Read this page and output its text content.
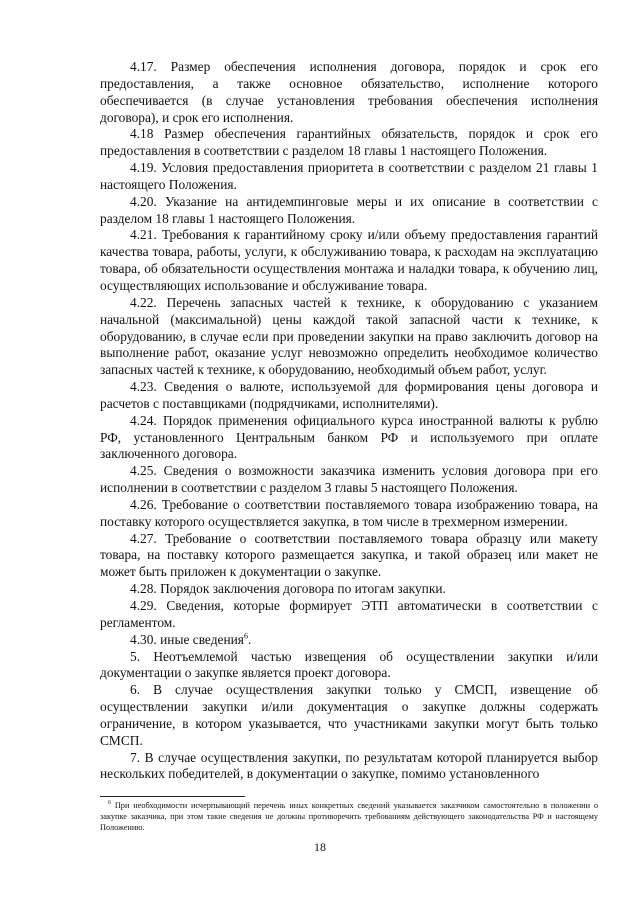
4.17. Размер обеспечения исполнения договора, порядок и срок его предоставления, а также основное обязательство, исполнение которого обеспечивается (в случае установления требования обеспечения исполнения договора), и срок его исполнения.

4.18 Размер обеспечения гарантийных обязательств, порядок и срок его предоставления в соответствии с разделом 18 главы 1 настоящего Положения.

4.19. Условия предоставления приоритета в соответствии с разделом 21 главы 1 настоящего Положения.

4.20. Указание на антидемпинговые меры и их описание в соответствии с разделом 18 главы 1 настоящего Положения.

4.21. Требования к гарантийному сроку и/или объему предоставления гарантий качества товара, работы, услуги, к обслуживанию товара, к расходам на эксплуатацию товара, об обязательности осуществления монтажа и наладки товара, к обучению лиц, осуществляющих использование и обслуживание товара.

4.22. Перечень запасных частей к технике, к оборудованию с указанием начальной (максимальной) цены каждой такой запасной части к технике, к оборудованию, в случае если при проведении закупки на право заключить договор на выполнение работ, оказание услуг невозможно определить необходимое количество запасных частей к технике, к оборудованию, необходимый объем работ, услуг.

4.23. Сведения о валюте, используемой для формирования цены договора и расчетов с поставщиками (подрядчиками, исполнителями).

4.24. Порядок применения официального курса иностранной валюты к рублю РФ, установленного Центральным банком РФ и используемого при оплате заключенного договора.

4.25. Сведения о возможности заказчика изменить условия договора при его исполнении в соответствии с разделом 3 главы 5 настоящего Положения.

4.26. Требование о соответствии поставляемого товара изображению товара, на поставку которого осуществляется закупка, в том числе в трехмерном измерении.

4.27. Требование о соответствии поставляемого товара образцу или макету товара, на поставку которого размещается закупка, и такой образец или макет не может быть приложен к документации о закупке.

4.28. Порядок заключения договора по итогам закупки.

4.29. Сведения, которые формирует ЭТП автоматически в соответствии с регламентом.

4.30. иные сведения$^6$.

5. Неотъемлемой частью извещения об осуществлении закупки и/или документации о закупке является проект договора.

6. В случае осуществления закупки только у СМСП, извещение об осуществлении закупки и/или документация о закупке должны содержать ограничение, в котором указывается, что участниками закупки могут быть только СМСП.

7. В случае осуществления закупки, по результатам которой планируется выбор нескольких победителей, в документации о закупке, помимо установленного

$^6$ При необходимости исчерпывающий перечень иных конкретных сведений указывается заказчиком самостоятельно в положении о закупке заказчика, при этом такие сведения не должны противоречить требованиям действующего законодательства РФ и настоящему Положению.

18
